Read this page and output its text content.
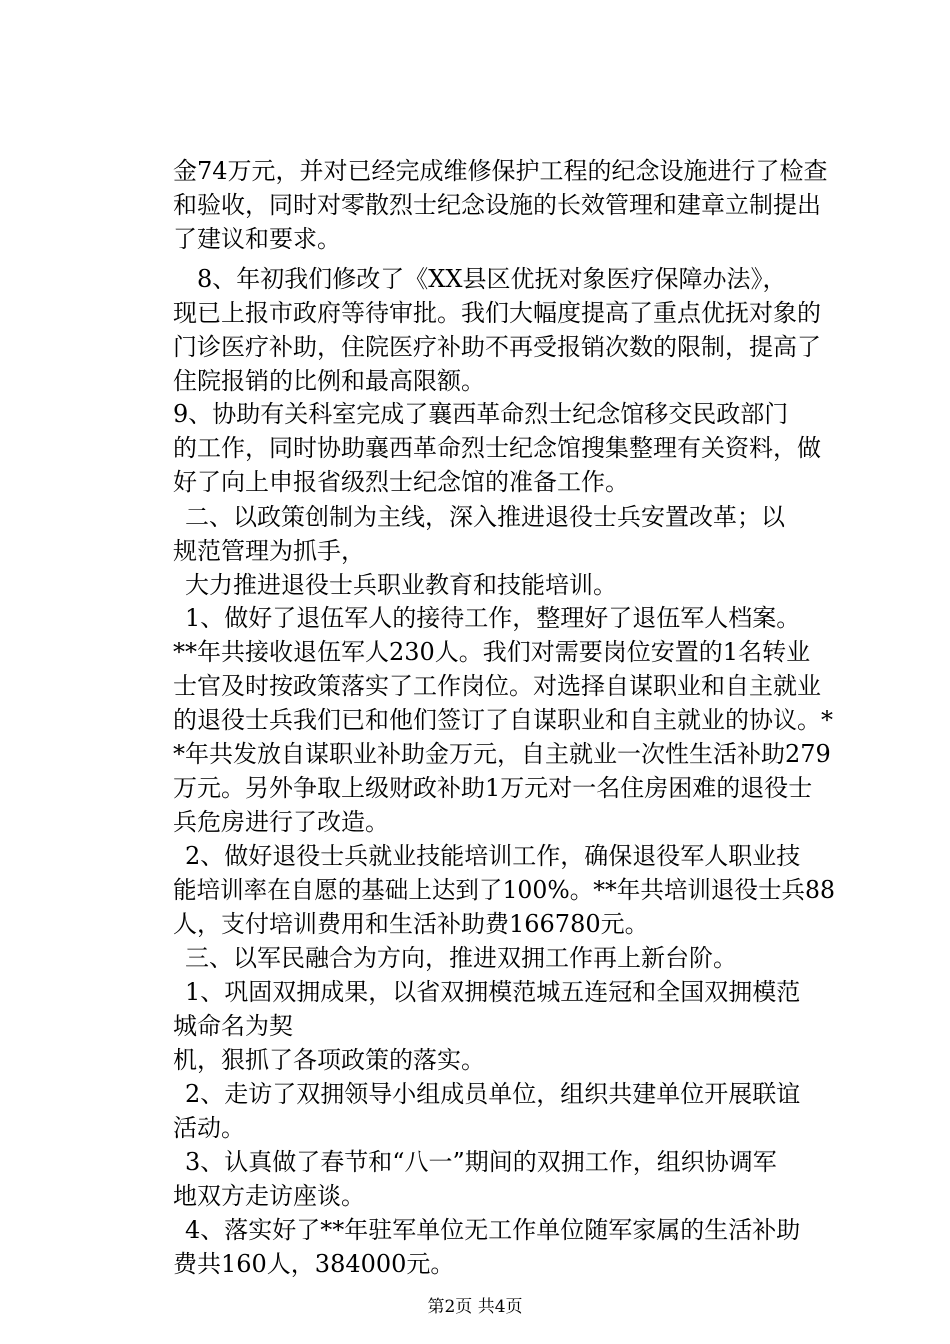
金74万元，并对已经完成维修保护工程的纪念设施进行了检查
和验收，同时对零散烈士纪念设施的长效管理和建章立制提出
了建议和要求。
8、年初我们修改了《XX县区优抚对象医疗保障办法》，
现已上报市政府等待审批。我们大幅度提高了重点优抚对象的
门诊医疗补助，住院医疗补助不再受报销次数的限制，提高了
住院报销的比例和最高限额。
9、协助有关科室完成了襄西革命烈士纪念馆移交民政部门
的工作，同时协助襄西革命烈士纪念馆搜集整理有关资料，做
好了向上申报省级烈士纪念馆的准备工作。
二、以政策创制为主线，深入推进退役士兵安置改革；以
规范管理为抓手，
大力推进退役士兵职业教育和技能培训。
1、做好了退伍军人的接待工作，整理好了退伍军人档案。
**年共接收退伍军人230人。我们对需要岗位安置的1名转业
士官及时按政策落实了工作岗位。对选择自谋职业和自主就业
的退役士兵我们已和他们签订了自谋职业和自主就业的协议。*
*年共发放自谋职业补助金万元，自主就业一次性生活补助279
万元。另外争取上级财政补助1万元对一名住房困难的退役士
兵危房进行了改造。
2、做好退役士兵就业技能培训工作，确保退役军人职业技
能培训率在自愿的基础上达到了100%。**年共培训退役士兵88
人，支付培训费用和生活补助费166780元。
三、以军民融合为方向，推进双拥工作再上新台阶。
1、巩固双拥成果，以省双拥模范城五连冠和全国双拥模范
城命名为契
机，狠抓了各项政策的落实。
2、走访了双拥领导小组成员单位，组织共建单位开展联谊
活动。
3、认真做了春节和“八一”期间的双拥工作，组织协调军
地双方走访座谈。
4、落实好了**年驻军单位无工作单位随军家属的生活补助
费共160人，384000元。
第2页 共4页
